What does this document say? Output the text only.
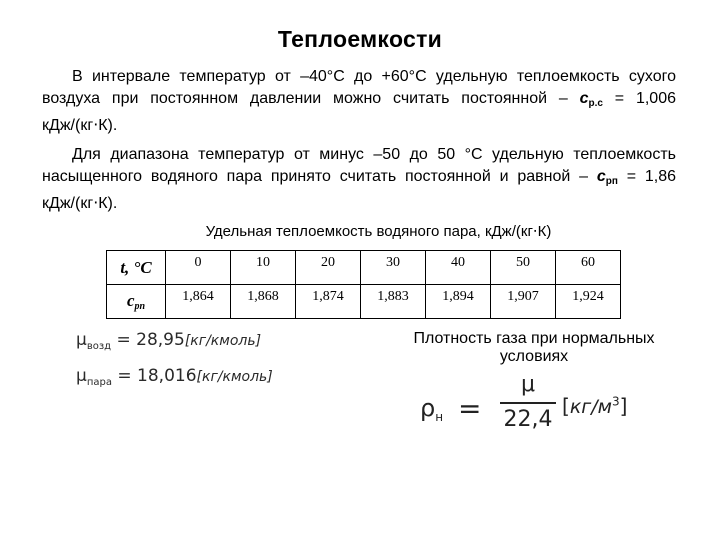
Теплоемкости
В интервале температур от –40°С до +60°С удельную теплоемкость сухого воздуха при постоянном давлении можно считать постоянной – $с_{р.с} = 1,006$ кДж/(кг⋅К).
Для диапазона температур от минус –50 до 50 °С удельную теплоемкость насыщенного водяного пара принято считать постоянной и равной – $с_{рп} = 1,86$ кДж/(кг⋅К).
Удельная теплоемкость водяного пара, кДж/(кг⋅К)
t, °C	0	10	20	30	40	50	60
cрп	1,864	1,868	1,874	1,883	1,894	1,907	1,924
$\mu_{возд}$ = 28,95[кг/кмоль]
$\mu_{пара}$ = 18,016[кг/кмоль]
Плотность газа при нормальных условиях
$\rho_н$ =
μ
22,4
$[кг/м^3]$
